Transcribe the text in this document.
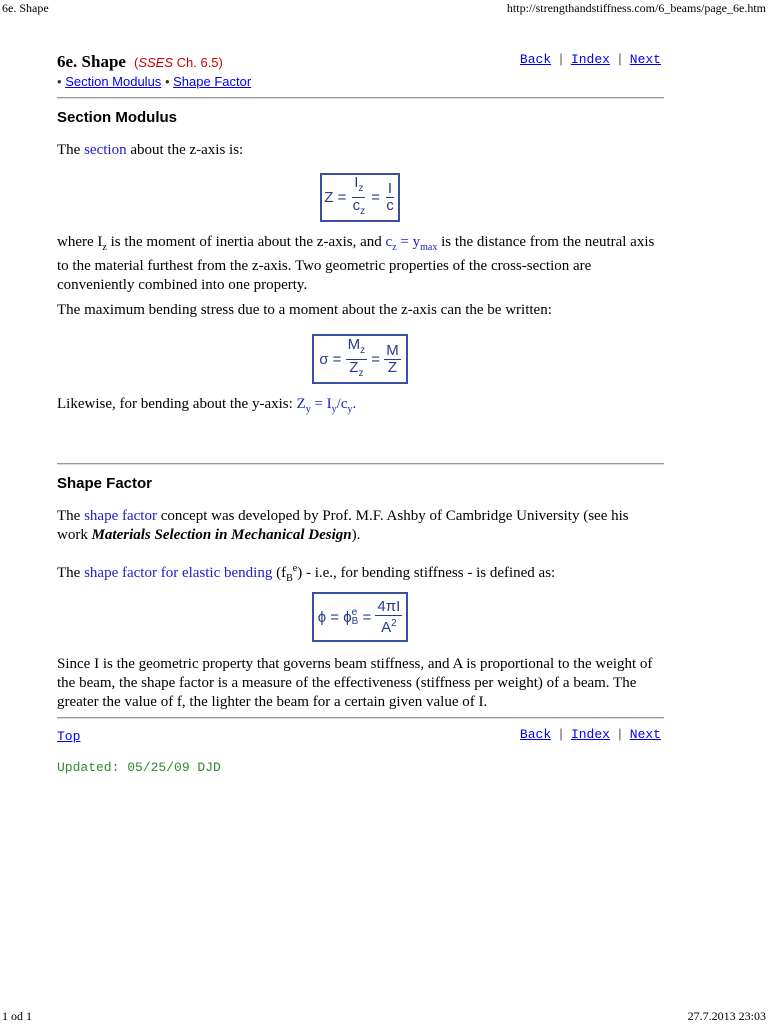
6e. Shape	http://strengthandstiffness.com/6_beams/page_6e.htm
1 od 1	27.7.2013 23:03
6e. Shape (SSES Ch. 6.5)	Back | Index | Next
• Section Modulus • Shape Factor
Section Modulus

The section about the z-axis is:

$Z = \frac{I_z}{c_z} = \frac{I}{c}$

where $I_z$ is the moment of inertia about the z-axis, and $c_z = y_{max}$ is the distance from the neutral axis to the material furthest from the z-axis. Two geometric properties of the cross-section are conveniently combined into one property.

The maximum bending stress due to a moment about the z-axis can the be written:

$\sigma = \frac{M_z}{Z_z} = \frac{M}{Z}$

Likewise, for bending about the y-axis: $Z_y = I_y/c_y$.

Shape Factor

The shape factor concept was developed by Prof. M.F. Ashby of Cambridge University (see his work Materials Selection in Mechanical Design).

The shape factor for elastic bending $(f_B^e) - i.e$., for bending stiffness - is defined as:

ϕ = ϕ e
$B = \frac{4\pi I}{A^2}$

Since I is the geometric property that governs beam stiffness, and A is proportional to the weight of the beam, the shape factor is a measure of the effectiveness (stiffness per weight) of a beam. The greater the value of f, the lighter the beam for a certain given value of I.

Top	Back | Index | Next
Updated: 05/25/09 DJD
